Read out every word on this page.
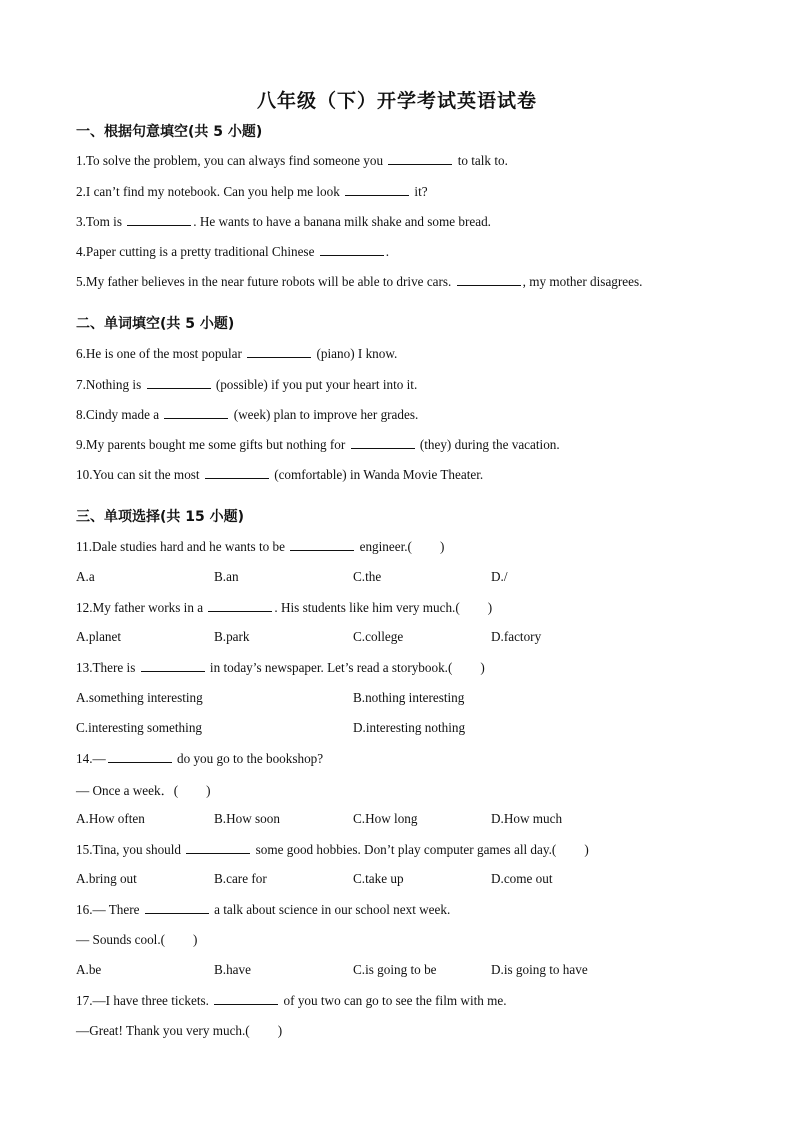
八年级（下）开学考试英语试卷
一、根据句意填空(共 5 小题)
1.To solve the problem, you can always find someone you	to talk to.
2.I can’t find my notebook. Can you help me look	it?
3.Tom is	. He wants to have a banana milk shake and some bread.
4.Paper cutting is a pretty traditional Chinese	.
5.My father believes in the near future robots will be able to drive cars.	, my mother disagrees.
二、单词填空(共 5 小题)
6.He is one of the most popular	(piano) I know.
7.Nothing is	(possible) if you put your heart into it.
8.Cindy made a	(week) plan to improve her grades.
9.My parents bought me some gifts but nothing for	(they) during the vacation.
10.You can sit the most	(comfortable) in Wanda Movie Theater.
三、单项选择(共 15 小题)
11.Dale studies hard and he wants to be	engineer.( )
A.a	B.an	C.the	D./
12.My father works in a	. His students like him very much.( )
A.planet	B.park	C.college	D.factory
13.There is	in today’s newspaper. Let’s read a storybook.( )
A.something interesting	B.nothing interesting
C.interesting something	D.interesting nothing
14.—	do you go to the bookshop?
— Once a week．( )
A.How often	B.How soon	C.How long	D.How much
15.Tina, you should	some good hobbies. Don’t play computer games all day.( )
A.bring out	B.care for	C.take up	D.come out
16.— There	a talk about science in our school next week.
— Sounds cool.( )
A.be	B.have	C.is going to be	D.is going to have
17.—I have three tickets.	of you two can go to see the film with me.
—Great! Thank you very much.( )
